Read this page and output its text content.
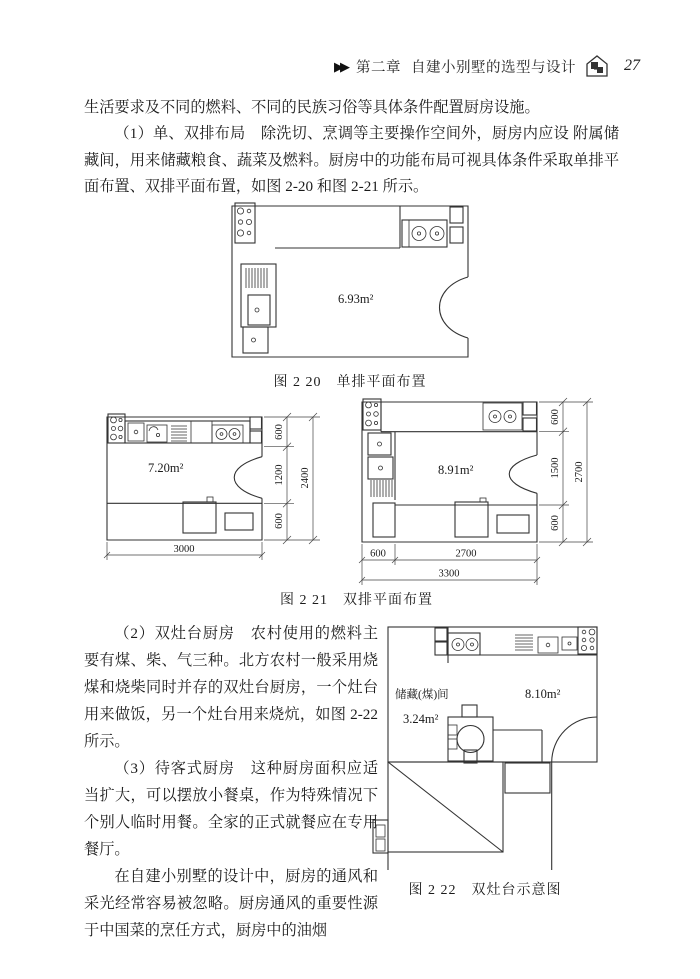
▶▶ 第二章 自建小别墅的选型与设计	27

生活要求及不同的燃料、不同的民族习俗等具体条件配置厨房设施。

（1）单、双排布局　除洗切、烹调等主要操作空间外，厨房内应设 附属储藏间，用来储藏粮食、蔬菜及燃料。厨房中的功能布局可视具体条件采取单排平面布置、双排平面布置，如图 2-20 和图 2-21 所示。

6.93m²
图 2 20　单排平面布置
7.20m²
600
1200
600
2400
3000
8.91m²
600
1500
600
2700
600	2700
3300
图 2 21　双排平面布置

（2）双灶台厨房　农村使用的燃料主要有煤、柴、气三种。北方农村一般采用烧煤和烧柴同时并存的双灶台厨房，一个灶台用来做饭，另一个灶台用来烧炕，如图 2-22 所示。

（3）待客式厨房　这种厨房面积应适当扩大，可以摆放小餐桌，作为特殊情况下个别人临时用餐。全家的正式就餐应在专用餐厅。

在自建小别墅的设计中，厨房的通风和采光经常容易被忽略。厨房通风的重要性源于中国菜的烹任方式，厨房中的油烟

储藏(煤)间	8.10m²
3.24m²
图 2 22　双灶台示意图
